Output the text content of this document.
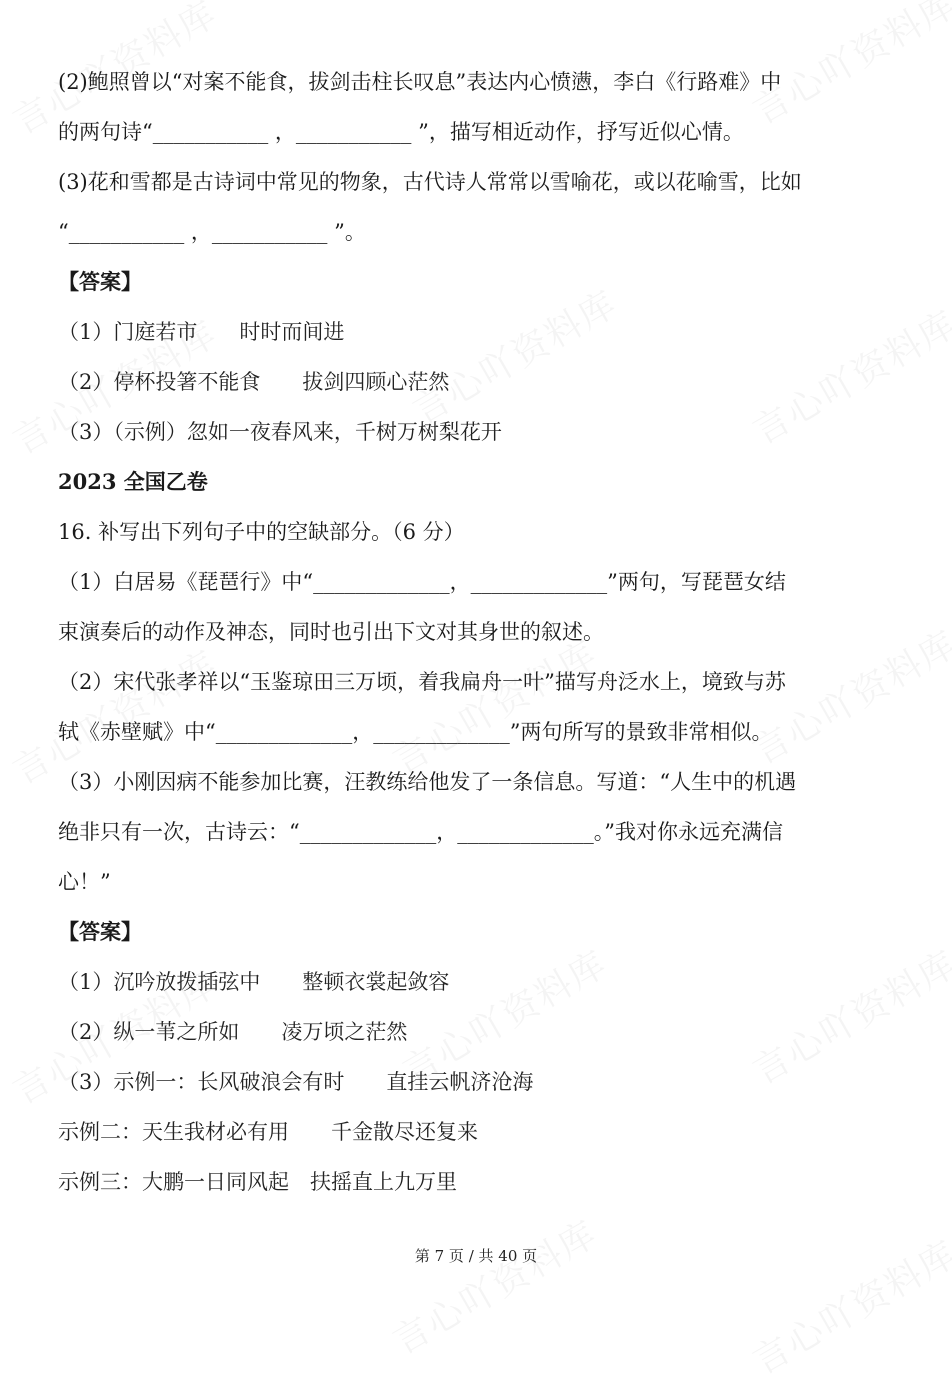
(2)鲍照曾以“对案不能食，拔剑击柱长叹息”表达内心愤懑，李白《行路难》中

的两句诗“___________ ，___________ ”，描写相近动作，抒写近似心情。

(3)花和雪都是古诗词中常见的物象，古代诗人常常以雪喻花，或以花喻雪，比如

“___________ ，___________ ”。

【答案】

（1）门庭若市　　时时而间进

（2）停杯投箸不能食　　拔剑四顾心茫然

（3）（示例）忽如一夜春风来，千树万树梨花开

2023 全国乙卷

16. 补写出下列句子中的空缺部分。（6 分）

（1）白居易《琵琶行》中“_____________，_____________”两句，写琵琶女结

束演奏后的动作及神态，同时也引出下文对其身世的叙述。

（2）宋代张孝祥以“玉鉴琼田三万顷，着我扁舟一叶”描写舟泛水上，境致与苏

轼《赤壁赋》中“_____________，_____________”两句所写的景致非常相似。

（3）小刚因病不能参加比赛，汪教练给他发了一条信息。写道：“人生中的机遇

绝非只有一次，古诗云：“_____________，_____________。”我对你永远充满信

心！”

【答案】

（1）沉吟放拨插弦中　　整顿衣裳起敛容

（2）纵一苇之所如　　凌万顷之茫然

（3）示例一：长风破浪会有时　　直挂云帆济沧海

示例二：天生我材必有用　　千金散尽还复来

示例三：大鹏一日同风起　扶摇直上九万里

第 7 页 / 共 40 页
